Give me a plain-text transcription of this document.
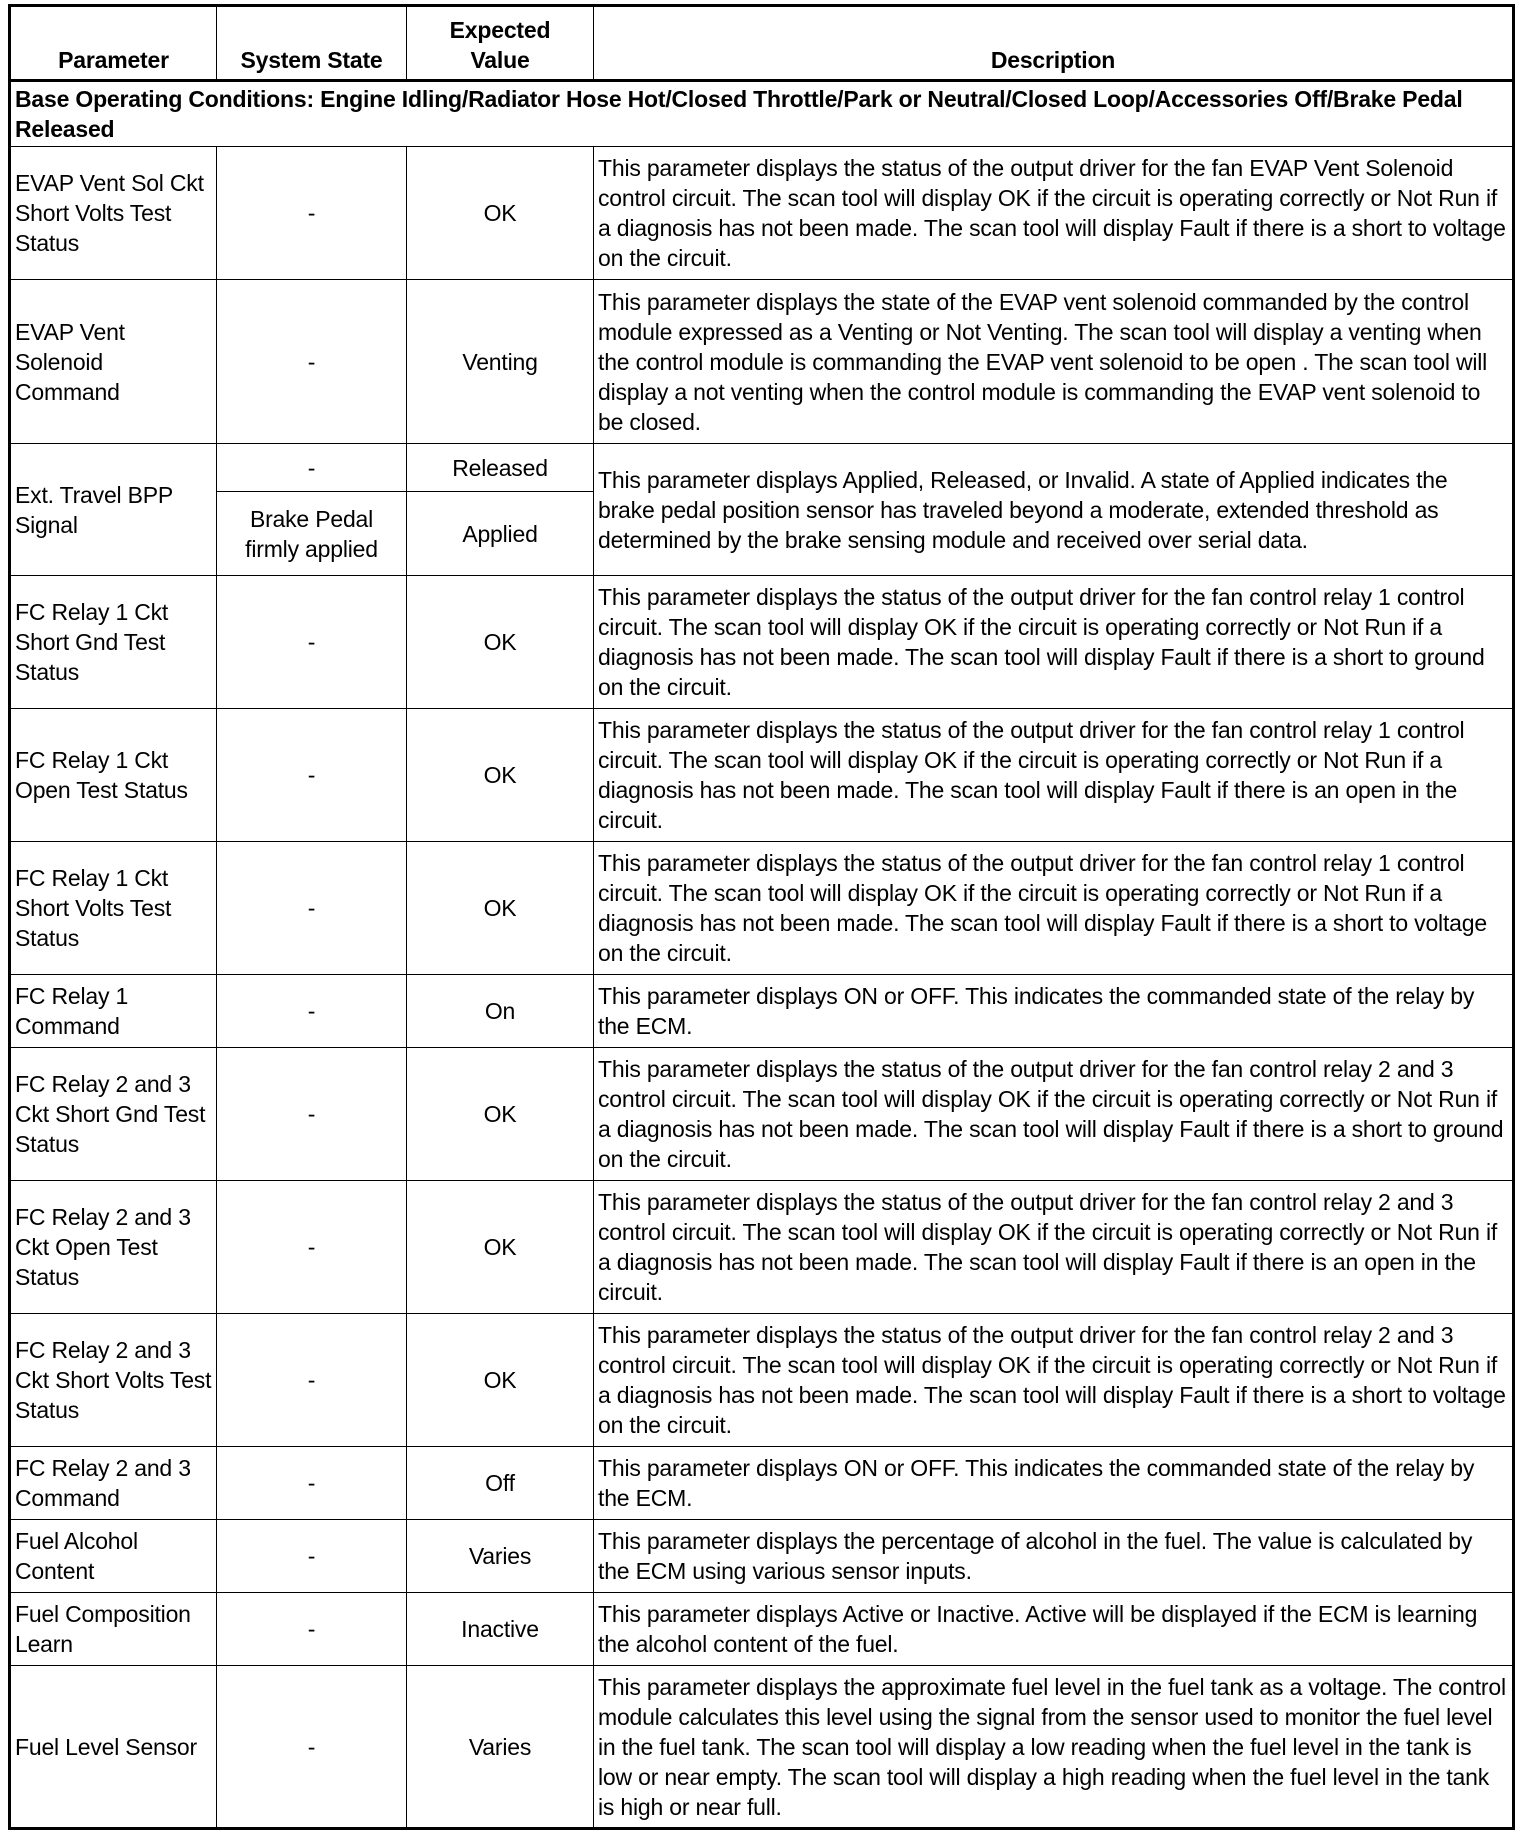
Parameter	System State	Expected Value	Description
Base Operating Conditions: Engine Idling/Radiator Hose Hot/Closed Throttle/Park or Neutral/Closed Loop/Accessories Off/Brake Pedal Released			
EVAP Vent Sol Ckt Short Volts Test Status	-	OK	This parameter displays the status of the output driver for the fan EVAP Vent Solenoid control circuit. The scan tool will display OK if the circuit is operating correctly or Not Run if a diagnosis has not been made. The scan tool will display Fault if there is a short to voltage on the circuit.
EVAP Vent Solenoid Command	-	Venting	This parameter displays the state of the EVAP vent solenoid commanded by the control module expressed as a Venting or Not Venting. The scan tool will display a venting when the control module is commanding the EVAP vent solenoid to be open . The scan tool will display a not venting when the control module is commanding the EVAP vent solenoid to be closed.
Ext. Travel BPP Signal	-	Released	This parameter displays Applied, Released, or Invalid. A state of Applied indicates the brake pedal position sensor has traveled beyond a moderate, extended threshold as determined by the brake sensing module and received over serial data.
	Brake Pedal firmly applied	Applied	
FC Relay 1 Ckt Short Gnd Test Status	-	OK	This parameter displays the status of the output driver for the fan control relay 1 control circuit. The scan tool will display OK if the circuit is operating correctly or Not Run if a diagnosis has not been made. The scan tool will display Fault if there is a short to ground on the circuit.
FC Relay 1 Ckt Open Test Status	-	OK	This parameter displays the status of the output driver for the fan control relay 1 control circuit. The scan tool will display OK if the circuit is operating correctly or Not Run if a diagnosis has not been made. The scan tool will display Fault if there is an open in the circuit.
FC Relay 1 Ckt Short Volts Test Status	-	OK	This parameter displays the status of the output driver for the fan control relay 1 control circuit. The scan tool will display OK if the circuit is operating correctly or Not Run if a diagnosis has not been made. The scan tool will display Fault if there is a short to voltage on the circuit.
FC Relay 1 Command	-	On	This parameter displays ON or OFF. This indicates the commanded state of the relay by the ECM.
FC Relay 2 and 3 Ckt Short Gnd Test Status	-	OK	This parameter displays the status of the output driver for the fan control relay 2 and 3 control circuit. The scan tool will display OK if the circuit is operating correctly or Not Run if a diagnosis has not been made. The scan tool will display Fault if there is a short to ground on the circuit.
FC Relay 2 and 3 Ckt Open Test Status	-	OK	This parameter displays the status of the output driver for the fan control relay 2 and 3 control circuit. The scan tool will display OK if the circuit is operating correctly or Not Run if a diagnosis has not been made. The scan tool will display Fault if there is an open in the circuit.
FC Relay 2 and 3 Ckt Short Volts Test Status	-	OK	This parameter displays the status of the output driver for the fan control relay 2 and 3 control circuit. The scan tool will display OK if the circuit is operating correctly or Not Run if a diagnosis has not been made. The scan tool will display Fault if there is a short to voltage on the circuit.
FC Relay 2 and 3 Command	-	Off	This parameter displays ON or OFF. This indicates the commanded state of the relay by the ECM.
Fuel Alcohol Content	-	Varies	This parameter displays the percentage of alcohol in the fuel. The value is calculated by the ECM using various sensor inputs.
Fuel Composition Learn	-	Inactive	This parameter displays Active or Inactive. Active will be displayed if the ECM is learning the alcohol content of the fuel.
Fuel Level Sensor	-	Varies	This parameter displays the approximate fuel level in the fuel tank as a voltage. The control module calculates this level using the signal from the sensor used to monitor the fuel level in the fuel tank. The scan tool will display a low reading when the fuel level in the tank is low or near empty. The scan tool will display a high reading when the fuel level in the tank is high or near full.
